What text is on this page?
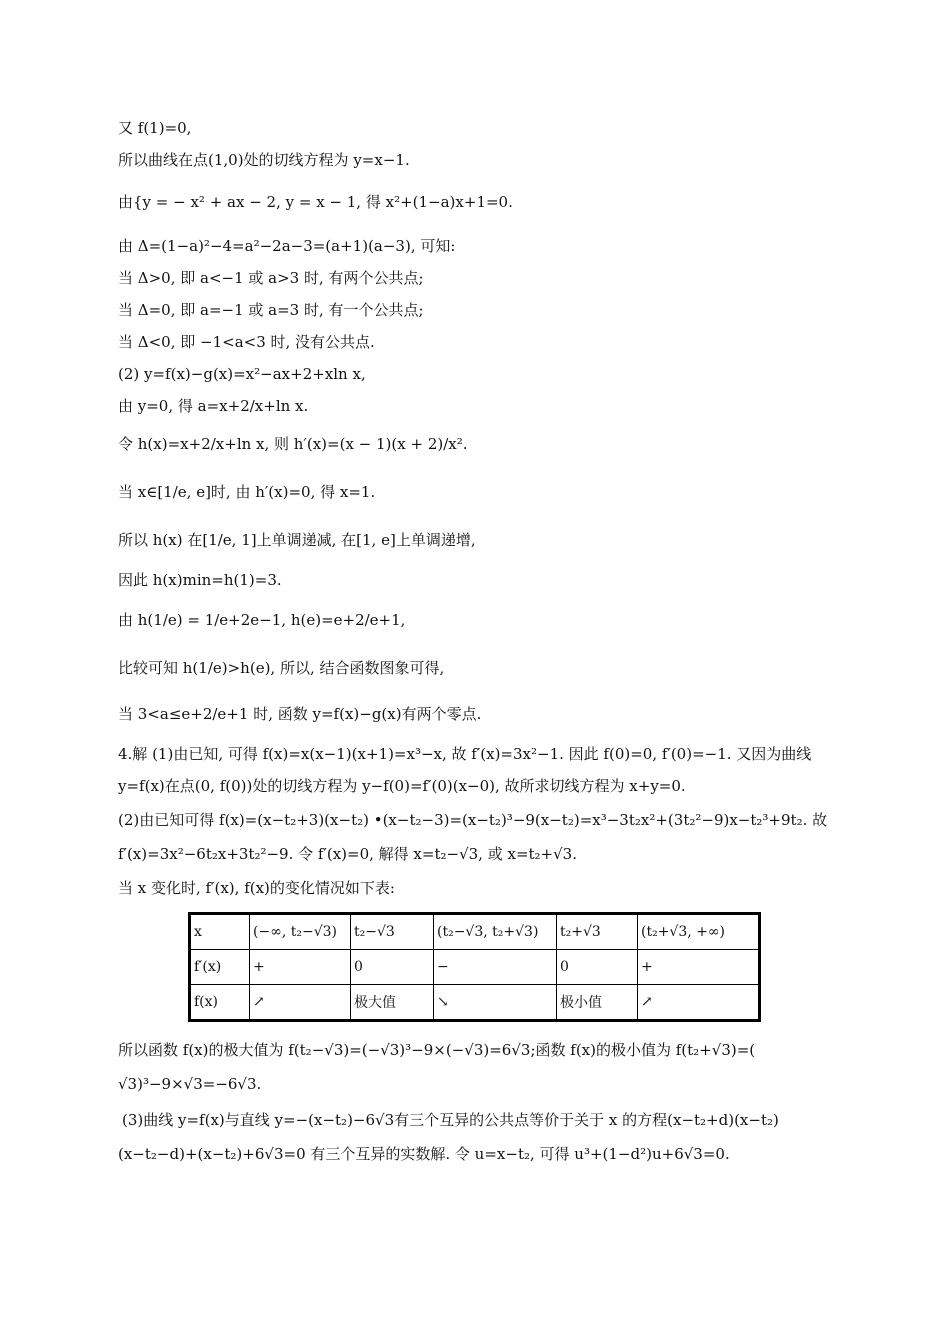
又 f(1)=0,
所以曲线在点(1,0)处的切线方程为 y=x−1.
由{y = − x² + ax − 2, y = x − 1, 得 x²+(1−a)x+1=0.
由 Δ=(1−a)²−4=a²−2a−3=(a+1)(a−3), 可知:
当 Δ>0, 即 a<−1 或 a>3 时, 有两个公共点;
当 Δ=0, 即 a=−1 或 a=3 时, 有一个公共点;
当 Δ<0, 即 −1<a<3 时, 没有公共点.
(2) y=f(x)−g(x)=x²−ax+2+xln x,
由 y=0, 得 a=x+2/x+ln x.
令 h(x)=x+2/x+ln x, 则 h′(x)=(x − 1)(x + 2)/x².
当 x∈[1/e, e]时, 由 h′(x)=0, 得 x=1.
所以 h(x) 在[1/e, 1]上单调递减, 在[1, e]上单调递增,
因此 h(x)min=h(1)=3.
由 h(1/e) = 1/e+2e−1, h(e)=e+2/e+1,
比较可知 h(1/e)>h(e), 所以, 结合函数图象可得,
当 3<a≤e+2/e+1 时, 函数 y=f(x)−g(x)有两个零点.
4.解 (1)由已知, 可得 f(x)=x(x−1)(x+1)=x³−x, 故 f′(x)=3x²−1. 因此 f(0)=0, f′(0)=−1. 又因为曲线
y=f(x)在点(0, f(0))处的切线方程为 y−f(0)=f′(0)(x−0), 故所求切线方程为 x+y=0.
(2)由已知可得 f(x)=(x−t₂+3)(x−t₂) •(x−t₂−3)=(x−t₂)³−9(x−t₂)=x³−3t₂x²+(3t₂²−9)x−t₂³+9t₂. 故
f′(x)=3x²−6t₂x+3t₂²−9. 令 f′(x)=0, 解得 x=t₂−√3, 或 x=t₂+√3.
当 x 变化时, f′(x), f(x)的变化情况如下表:
x	(−∞, t₂−√3)	t₂−√3	(t₂−√3, t₂+√3)	t₂+√3	(t₂+√3, +∞)
f′(x)	+	0	−	0	+
f(x)	↗	极大值	↘	极小值	↗
所以函数 f(x)的极大值为 f(t₂−√3)=(−√3)³−9×(−√3)=6√3;函数 f(x)的极小值为 f(t₂+√3)=(
√3)³−9×√3=−6√3.
(3)曲线 y=f(x)与直线 y=−(x−t₂)−6√3有三个互异的公共点等价于关于 x 的方程(x−t₂+d)(x−t₂)
(x−t₂−d)+(x−t₂)+6√3=0 有三个互异的实数解. 令 u=x−t₂, 可得 u³+(1−d²)u+6√3=0.
